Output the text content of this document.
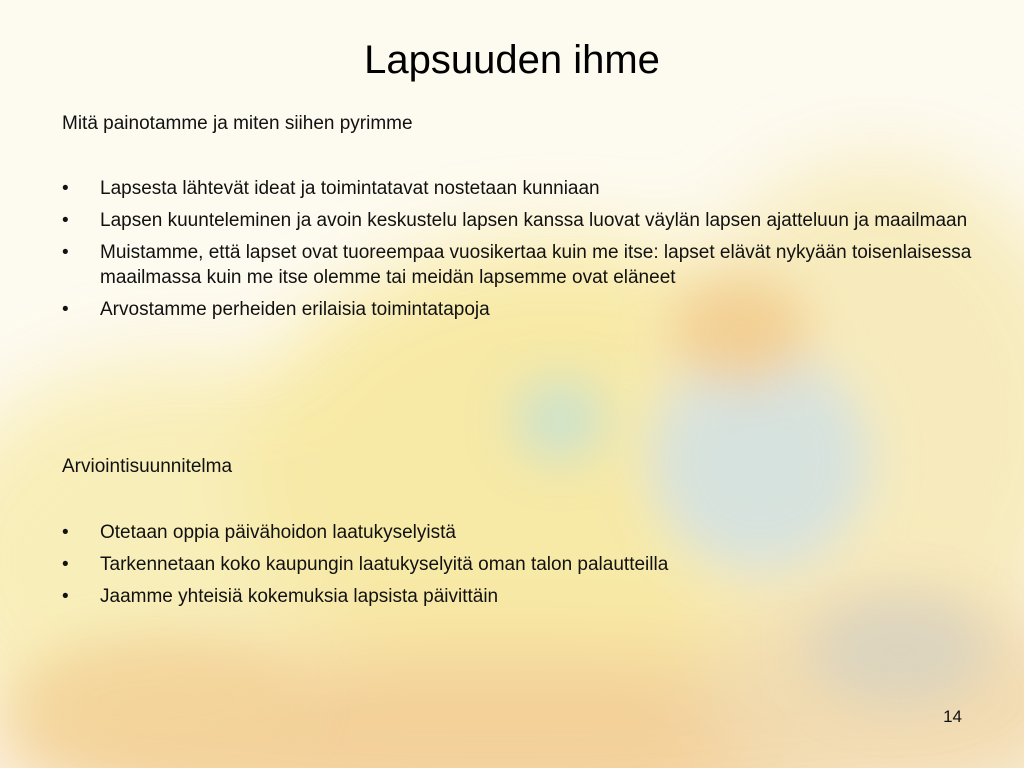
Lapsuuden ihme

Mitä painotamme ja miten siihen pyrimme

• Lapsesta lähtevät ideat ja toimintatavat nostetaan kunniaan
• Lapsen kuunteleminen ja avoin keskustelu lapsen kanssa luovat väylän lapsen ajatteluun ja maailmaan
• Muistamme, että lapset ovat tuoreempaa vuosikertaa kuin me itse: lapset elävät nykyään toisenlaisessa maailmassa kuin me itse olemme tai meidän lapsemme ovat eläneet
• Arvostamme perheiden erilaisia toimintatapoja

Arviointisuunnitelma

• Otetaan oppia päivähoidon laatukyselyistä
• Tarkennetaan koko kaupungin laatukyselyitä oman talon palautteilla
• Jaamme yhteisiä kokemuksia lapsista päivittäin
14
